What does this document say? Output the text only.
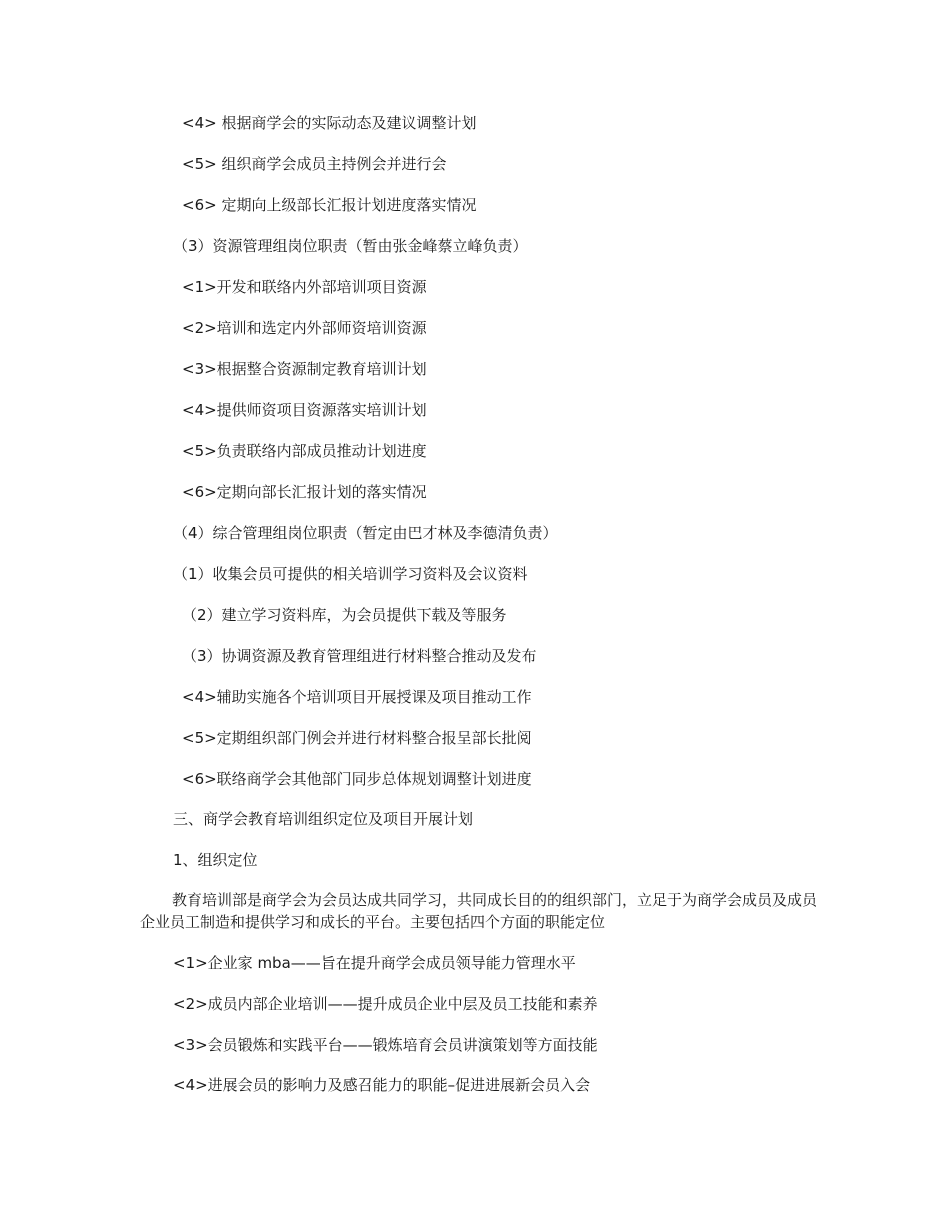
<4> 根据商学会的实际动态及建议调整计划
<5> 组织商学会成员主持例会并进行会
<6> 定期向上级部长汇报计划进度落实情况
（3）资源管理组岗位职责（暂由张金峰蔡立峰负责）
<1>开发和联络内外部培训项目资源
<2>培训和选定内外部师资培训资源
<3>根据整合资源制定教育培训计划
<4>提供师资项目资源落实培训计划
<5>负责联络内部成员推动计划进度
<6>定期向部长汇报计划的落实情况
（4）综合管理组岗位职责（暂定由巴才林及李德清负责）
（1）收集会员可提供的相关培训学习资料及会议资料
（2）建立学习资料库，为会员提供下载及等服务
（3）协调资源及教育管理组进行材料整合推动及发布
<4>辅助实施各个培训项目开展授课及项目推动工作
<5>定期组织部门例会并进行材料整合报呈部长批阅
<6>联络商学会其他部门同步总体规划调整计划进度
三、商学会教育培训组织定位及项目开展计划
1、组织定位
教育培训部是商学会为会员达成共同学习，共同成长目的的组织部门，立足于为商学会成员及成员企业员工制造和提供学习和成长的平台。主要包括四个方面的职能定位
<1>企业家 mba——旨在提升商学会成员领导能力管理水平
<2>成员内部企业培训——提升成员企业中层及员工技能和素养
<3>会员锻炼和实践平台——锻炼培育会员讲演策划等方面技能
<4>进展会员的影响力及感召能力的职能–促进进展新会员入会
